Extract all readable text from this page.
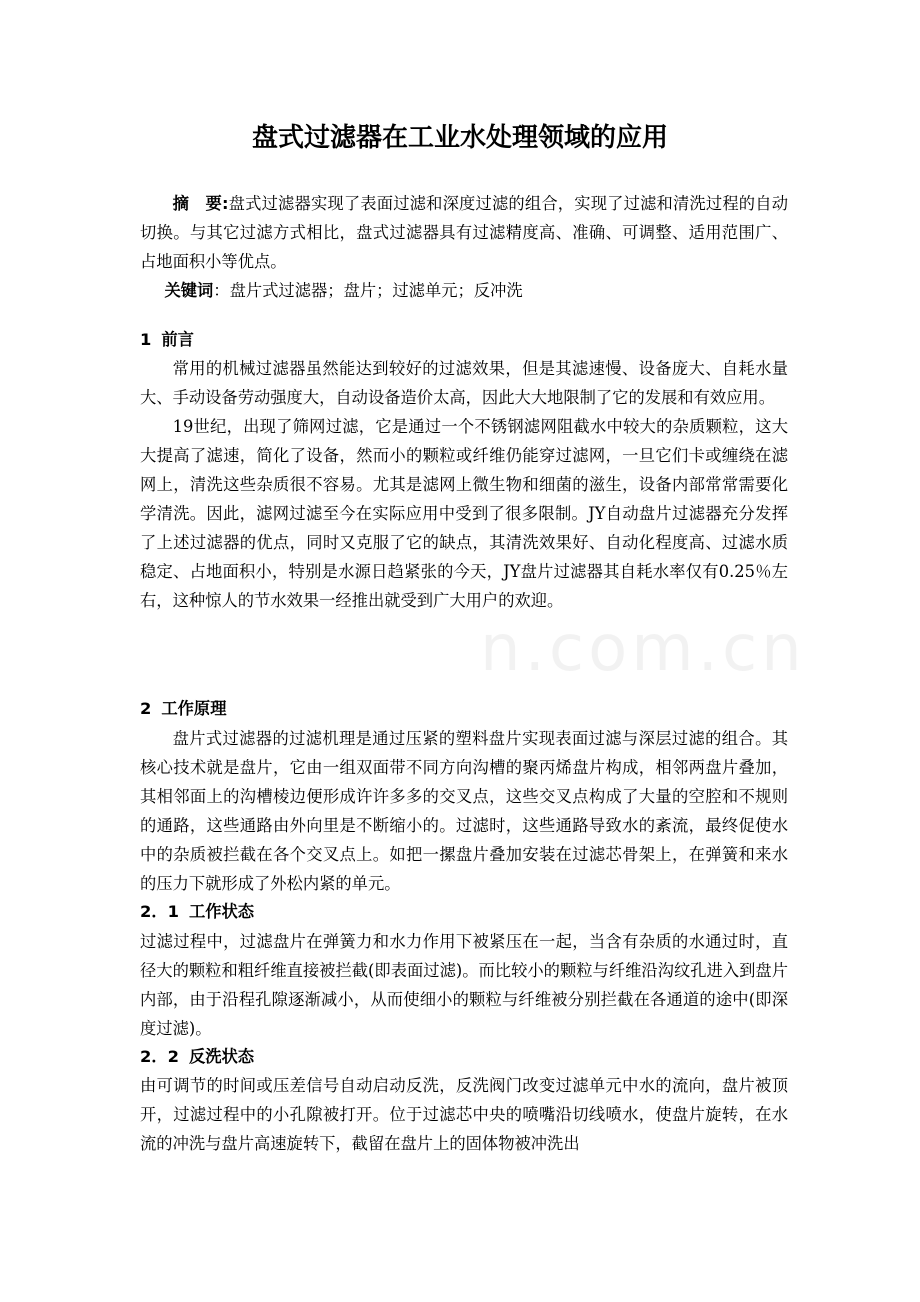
n.com.cn
盘式过滤器在工业水处理领域的应用

摘　要:盘式过滤器实现了表面过滤和深度过滤的组合，实现了过滤和清洗过程的自动切换。与其它过滤方式相比，盘式过滤器具有过滤精度高、准确、可调整、适用范围广、占地面积小等优点。

关键词：盘片式过滤器；盘片；过滤单元；反冲洗

1 前言

常用的机械过滤器虽然能达到较好的过滤效果，但是其滤速慢、设备庞大、自耗水量大、手动设备劳动强度大，自动设备造价太高，因此大大地限制了它的发展和有效应用。

19世纪，出现了筛网过滤，它是通过一个不锈钢滤网阻截水中较大的杂质颗粒，这大大提高了滤速，简化了设备，然而小的颗粒或纤维仍能穿过滤网，一旦它们卡或缠绕在滤网上，清洗这些杂质很不容易。尤其是滤网上微生物和细菌的滋生，设备内部常常需要化学清洗。因此，滤网过滤至今在实际应用中受到了很多限制。JY自动盘片过滤器充分发挥了上述过滤器的优点，同时又克服了它的缺点，其清洗效果好、自动化程度高、过滤水质稳定、占地面积小，特别是水源日趋紧张的今天，JY盘片过滤器其自耗水率仅有0.25％左右，这种惊人的节水效果一经推出就受到广大用户的欢迎。

2 工作原理

盘片式过滤器的过滤机理是通过压紧的塑料盘片实现表面过滤与深层过滤的组合。其核心技术就是盘片，它由一组双面带不同方向沟槽的聚丙烯盘片构成，相邻两盘片叠加，其相邻面上的沟槽棱边便形成许许多多的交叉点，这些交叉点构成了大量的空腔和不规则的通路，这些通路由外向里是不断缩小的。过滤时，这些通路导致水的紊流，最终促使水中的杂质被拦截在各个交叉点上。如把一摞盘片叠加安装在过滤芯骨架上，在弹簧和来水的压力下就形成了外松内紧的单元。

2．1 工作状态

过滤过程中，过滤盘片在弹簧力和水力作用下被紧压在一起，当含有杂质的水通过时，直径大的颗粒和粗纤维直接被拦截(即表面过滤)。而比较小的颗粒与纤维沿沟纹孔进入到盘片内部，由于沿程孔隙逐渐减小，从而使细小的颗粒与纤维被分别拦截在各通道的途中(即深度过滤)。

2．2 反洗状态

由可调节的时间或压差信号自动启动反洗，反洗阀门改变过滤单元中水的流向，盘片被顶开，过滤过程中的小孔隙被打开。位于过滤芯中央的喷嘴沿切线喷水，使盘片旋转，在水流的冲洗与盘片高速旋转下，截留在盘片上的固体物被冲洗出
